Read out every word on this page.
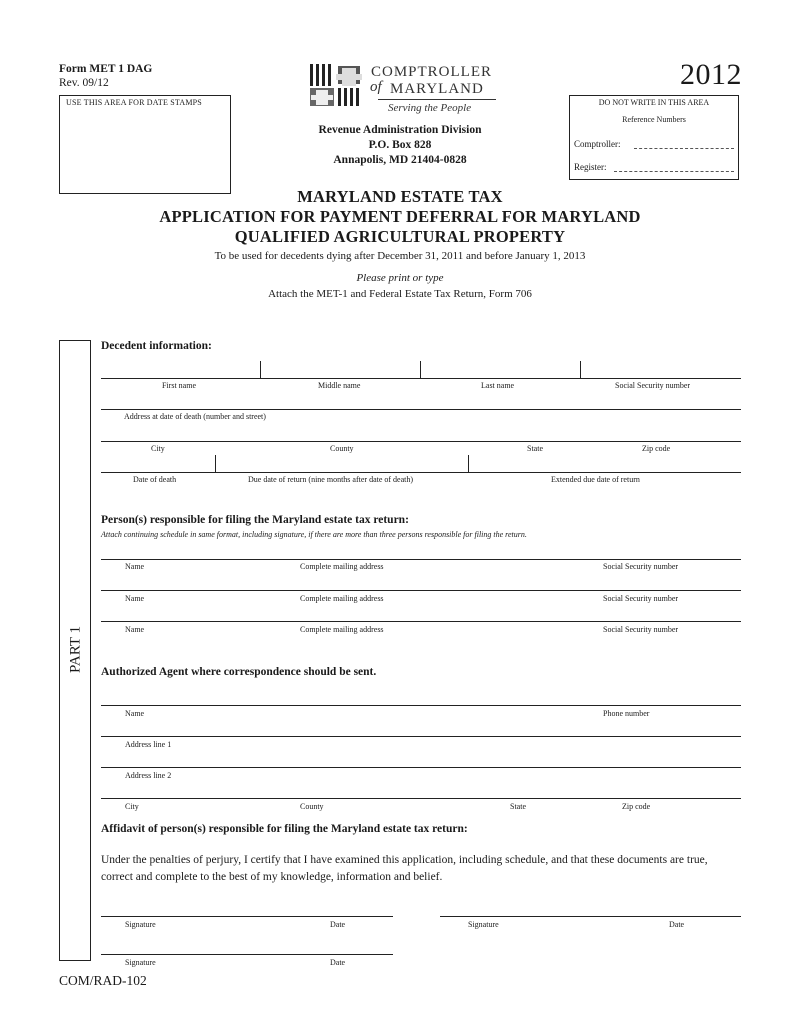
Form MET 1 DAG
Rev. 09/12
USE THIS AREA FOR DATE STAMPS
COMPTROLLER
of MARYLAND
Serving the People
Revenue Administration Division
P.O. Box 828
Annapolis, MD 21404-0828
2012
DO NOT WRITE IN THIS AREA
Reference Numbers
Comptroller:
Register:
MARYLAND ESTATE TAX
APPLICATION FOR PAYMENT DEFERRAL FOR MARYLAND
QUALIFIED AGRICULTURAL PROPERTY
To be used for decedents dying after December 31, 2011 and before January 1, 2013
Please print or type
Attach the MET-1 and Federal Estate Tax Return, Form 706
PART 1
Decedent information:
First name	Middle name	Last name	Social Security number
Address at date of death (number and street)
City	County	State	Zip code
Date of death	Due date of return (nine months after date of death)	Extended due date of return
Person(s) responsible for filing the Maryland estate tax return:
Attach continuing schedule in same format, including signature, if there are more than three persons responsible for filing the return.
Name	Complete mailing address	Social Security number
Name	Complete mailing address	Social Security number
Name	Complete mailing address	Social Security number
Authorized Agent where correspondence should be sent.
Name	Phone number
Address line 1
Address line 2
City	County	State	Zip code
Affidavit of person(s) responsible for filing the Maryland estate tax return:
Under the penalties of perjury, I certify that I have examined this application, including schedule, and that these documents are true, correct and complete to the best of my knowledge, information and belief.
Signature	Date	Signature	Date
Signature	Date
COM/RAD-102
